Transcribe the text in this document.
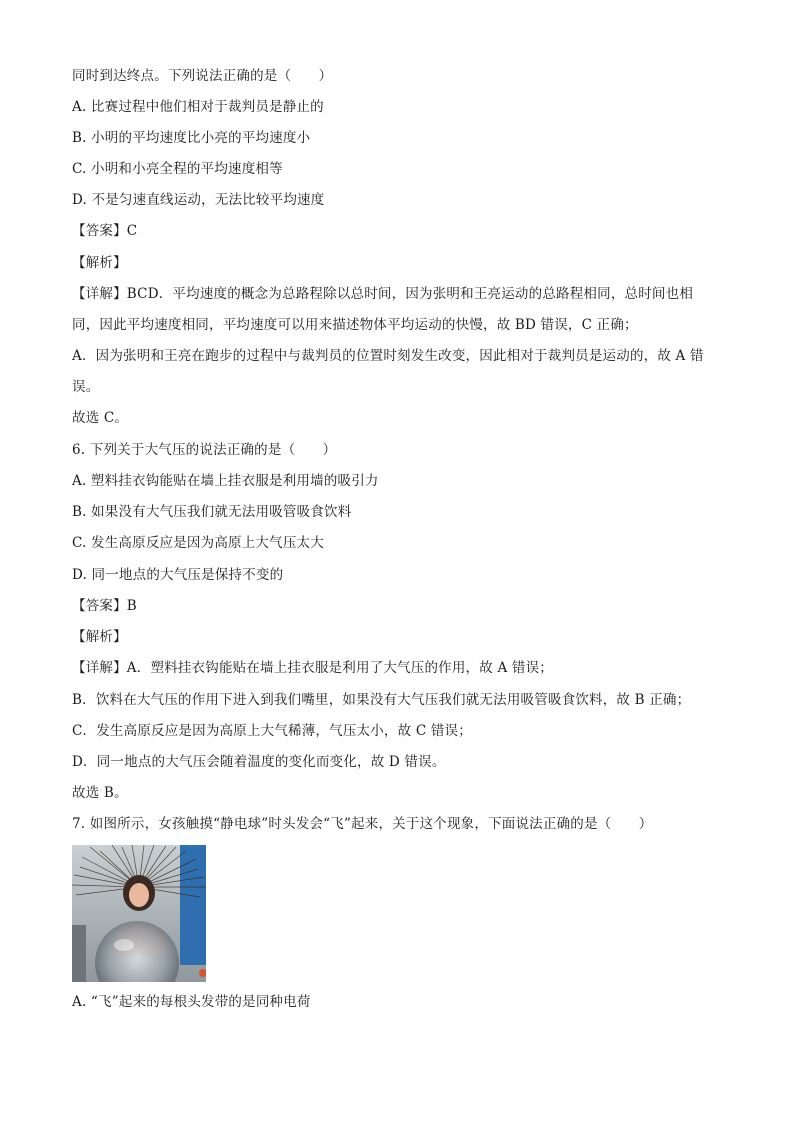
同时到达终点。下列说法正确的是（　　）
A. 比赛过程中他们相对于裁判员是静止的
B. 小明的平均速度比小亮的平均速度小
C. 小明和小亮全程的平均速度相等
D. 不是匀速直线运动，无法比较平均速度
【答案】C
【解析】
【详解】BCD．平均速度的概念为总路程除以总时间，因为张明和王亮运动的总路程相同，总时间也相
同，因此平均速度相同，平均速度可以用来描述物体平均运动的快慢，故 BD 错误，C 正确；
A．因为张明和王亮在跑步的过程中与裁判员的位置时刻发生改变，因此相对于裁判员是运动的，故 A 错
误。
故选 C。
6. 下列关于大气压的说法正确的是（　　）
A. 塑料挂衣钩能贴在墙上挂衣服是利用墙的吸引力
B. 如果没有大气压我们就无法用吸管吸食饮料
C. 发生高原反应是因为高原上大气压太大
D. 同一地点的大气压是保持不变的
【答案】B
【解析】
【详解】A．塑料挂衣钩能贴在墙上挂衣服是利用了大气压的作用，故 A 错误；
B．饮料在大气压的作用下进入到我们嘴里，如果没有大气压我们就无法用吸管吸食饮料，故 B 正确；
C．发生高原反应是因为高原上大气稀薄，气压太小，故 C 错误；
D．同一地点的大气压会随着温度的变化而变化，故 D 错误。
故选 B。
7. 如图所示，女孩触摸“静电球”时头发会“飞”起来，关于这个现象，下面说法正确的是（　　）
A. “飞”起来的每根头发带的是同种电荷
